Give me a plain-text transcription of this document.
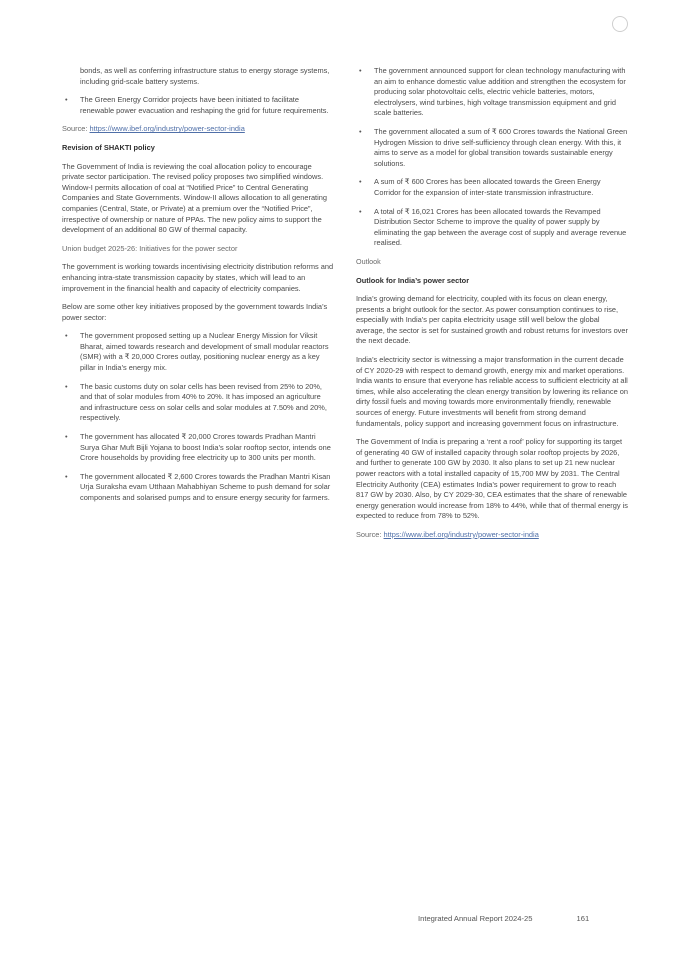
bonds, as well as conferring infrastructure status to energy storage systems, including grid-scale battery systems.

• The Green Energy Corridor projects have been initiated to facilitate renewable power evacuation and reshaping the grid for future requirements.

Source: https://www.ibef.org/industry/power-sector-india

Revision of SHAKTI policy

The Government of India is reviewing the coal allocation policy to encourage private sector participation. The revised policy proposes two simplified windows. Window-I permits allocation of coal at “Notified Price” to Central Generating Companies and State Governments. Window-II allows allocation to all generating companies (Central, State, or Private) at a premium over the “Notified Price”, irrespective of ownership or nature of PPAs. The new policy aims to support the development of an additional 80 GW of thermal capacity.

Union budget 2025-26: Initiatives for the power sector

The government is working towards incentivising electricity distribution reforms and enhancing intra-state transmission capacity by states, which will lead to an improvement in the financial health and capacity of electricity companies.

Below are some other key initiatives proposed by the government towards India’s power sector:

• The government proposed setting up a Nuclear Energy Mission for Viksit Bharat, aimed towards research and development of small modular reactors (SMR) with a ₹ 20,000 Crores outlay, positioning nuclear energy as a key pillar in India’s energy mix.
• The basic customs duty on solar cells has been revised from 25% to 20%, and that of solar modules from 40% to 20%. It has imposed an agriculture and infrastructure cess on solar cells and solar modules at 7.50% and 20%, respectively.
• The government has allocated ₹ 20,000 Crores towards Pradhan Mantri Surya Ghar Muft Bijli Yojana to boost India’s solar rooftop sector, intends one Crore households by providing free electricity up to 300 units per month.
• The government allocated ₹ 2,600 Crores towards the Pradhan Mantri Kisan Urja Suraksha evam Utthaan Mahabhiyan Scheme to push demand for solar components and solarised pumps and to ensure energy security for farmers.
• The government announced support for clean technology manufacturing with an aim to enhance domestic value addition and strengthen the ecosystem for producing solar photovoltaic cells, electric vehicle batteries, motors, electrolysers, wind turbines, high voltage transmission equipment and grid scale batteries.
• The government allocated a sum of ₹ 600 Crores towards the National Green Hydrogen Mission to drive self-sufficiency through clean energy. With this, it aims to serve as a model for global transition towards sustainable energy solutions.
• A sum of ₹ 600 Crores has been allocated towards the Green Energy Corridor for the expansion of inter-state transmission infrastructure.
• A total of ₹ 16,021 Crores has been allocated towards the Revamped Distribution Sector Scheme to improve the quality of power supply by eliminating the gap between the average cost of supply and average revenue realised.

Outlook

Outlook for India’s power sector

India’s growing demand for electricity, coupled with its focus on clean energy, presents a bright outlook for the sector. As power consumption continues to rise, especially with India’s per capita electricity usage still well below the global average, the sector is set for sustained growth and robust returns for investors over the next decade.

India’s electricity sector is witnessing a major transformation in the current decade of CY 2020-29 with respect to demand growth, energy mix and market operations. India wants to ensure that everyone has reliable access to sufficient electricity at all times, while also accelerating the clean energy transition by lowering its reliance on dirty fossil fuels and moving towards more environmentally friendly, renewable sources of energy. Future investments will benefit from strong demand fundamentals, policy support and increasing government focus on infrastructure.

The Government of India is preparing a ‘rent a roof’ policy for supporting its target of generating 40 GW of installed capacity through solar rooftop projects by 2026, and further to generate 100 GW by 2030. It also plans to set up 21 new nuclear power reactors with a total installed capacity of 15,700 MW by 2031. The Central Electricity Authority (CEA) estimates India’s power requirement to grow to reach 817 GW by 2030. Also, by CY 2029-30, CEA estimates that the share of renewable energy generation would increase from 18% to 44%, while that of thermal energy is expected to reduce from 78% to 52%.

Source: https://www.ibef.org/industry/power-sector-india

Integrated Annual Report 2024-25	161
